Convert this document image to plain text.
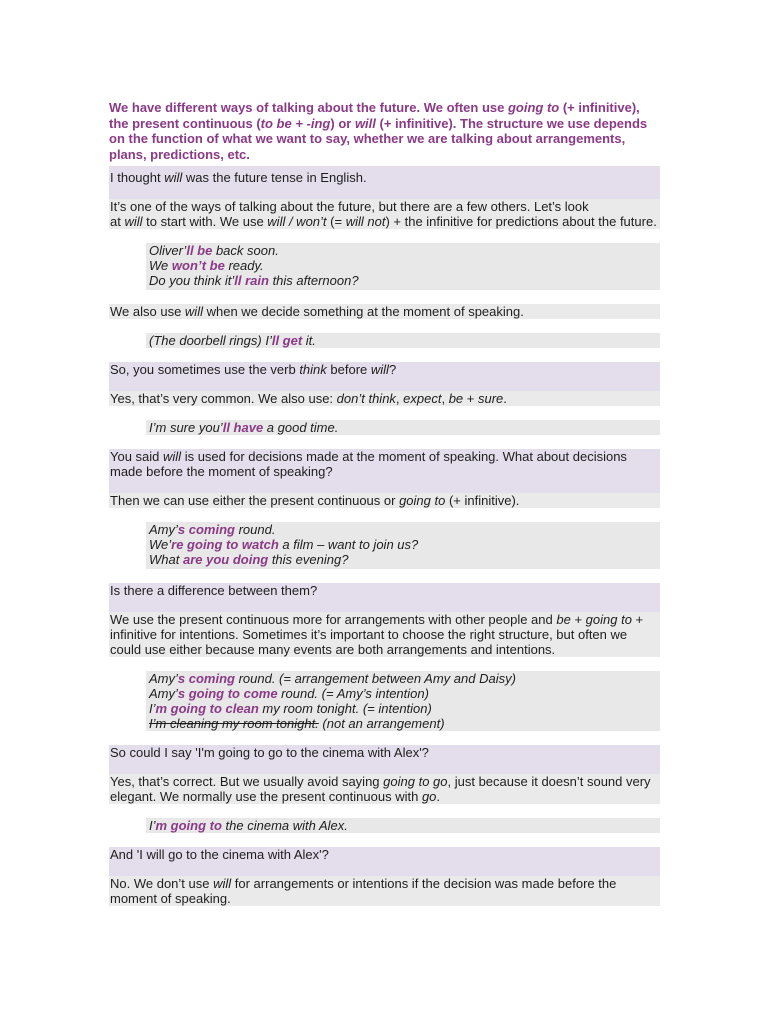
We have different ways of talking about the future. We often use going to (+ infinitive), the present continuous (to be + -ing) or will (+ infinitive). The structure we use depends on the function of what we want to say, whether we are talking about arrangements, plans, predictions, etc.

I thought will was the future tense in English.
It’s one of the ways of talking about the future, but there are a few others. Let’s look
at will to start with. We use will / won’t (= will not) + the infinitive for predictions about the future.
Oliver’ll be back soon.
We won’t be ready.
Do you think it’ll rain this afternoon?
We also use will when we decide something at the moment of speaking.
(The doorbell rings) I’ll get it.
So, you sometimes use the verb think before will?
Yes, that’s very common. We also use: don’t think, expect, be + sure.
I’m sure you’ll have a good time.
You said will is used for decisions made at the moment of speaking. What about decisions made before the moment of speaking?
Then we can use either the present continuous or going to (+ infinitive).
Amy’s coming round.
We’re going to watch a film – want to join us?
What are you doing this evening?
Is there a difference between them?
We use the present continuous more for arrangements with other people and be + going to + infinitive for intentions. Sometimes it’s important to choose the right structure, but often we could use either because many events are both arrangements and intentions.
Amy’s coming round. (= arrangement between Amy and Daisy)
Amy’s going to come round. (= Amy’s intention)
I’m going to clean my room tonight. (= intention)
I’m cleaning my room tonight. (not an arrangement)
So could I say 'I'm going to go to the cinema with Alex'?
Yes, that’s correct. But we usually avoid saying going to go, just because it doesn’t sound very elegant. We normally use the present continuous with go.
I’m going to the cinema with Alex.
And 'I will go to the cinema with Alex'?
No. We don’t use will for arrangements or intentions if the decision was made before the moment of speaking.
